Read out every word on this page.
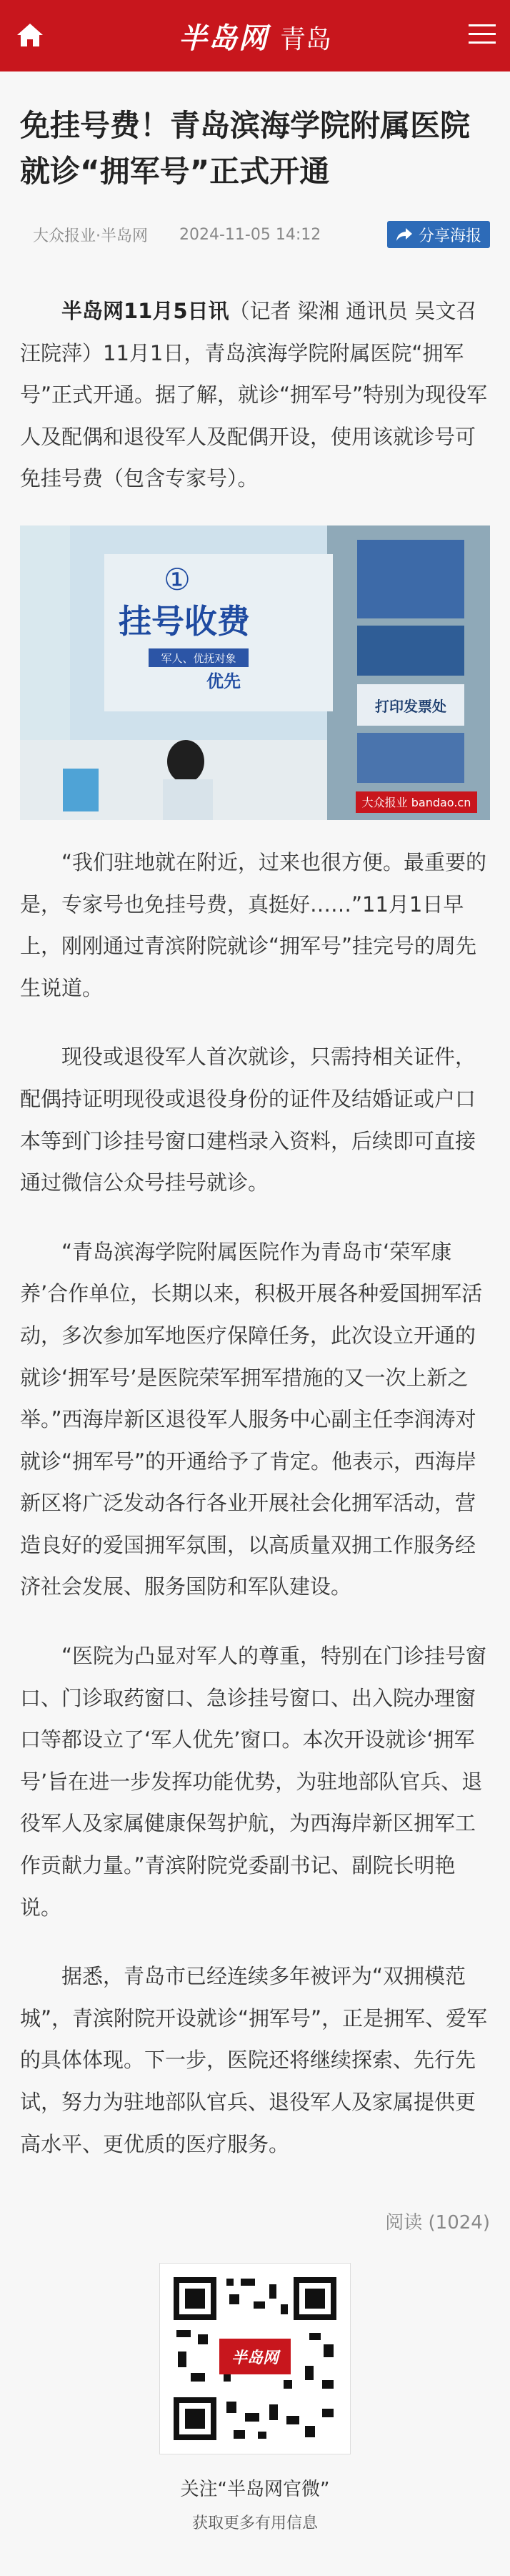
半岛网 青岛
免挂号费！青岛滨海学院附属医院就诊“拥军号”正式开通
大众报业·半岛网 2024-11-05 14:12	分享海报

半岛网11月5日讯（记者 梁湘 通讯员 吴文召 汪院萍）11月1日，青岛滨海学院附属医院“拥军号”正式开通。据了解，就诊“拥军号”特别为现役军人及配偶和退役军人及配偶开设，使用该就诊号可免挂号费（包含专家号）。

打印发票处
①
挂号收费
军人、优抚对象
优先
大众报业 bandao.cn

“我们驻地就在附近，过来也很方便。最重要的是，专家号也免挂号费，真挺好……”11月1日早上，刚刚通过青滨附院就诊“拥军号”挂完号的周先生说道。

现役或退役军人首次就诊，只需持相关证件，配偶持证明现役或退役身份的证件及结婚证或户口本等到门诊挂号窗口建档录入资料，后续即可直接通过微信公众号挂号就诊。

“青岛滨海学院附属医院作为青岛市‘荣军康养’合作单位，长期以来，积极开展各种爱国拥军活动，多次参加军地医疗保障任务，此次设立开通的就诊‘拥军号’是医院荣军拥军措施的又一次上新之举。”西海岸新区退役军人服务中心副主任李润涛对就诊“拥军号”的开通给予了肯定。他表示，西海岸新区将广泛发动各行各业开展社会化拥军活动，营造良好的爱国拥军氛围，以高质量双拥工作服务经济社会发展、服务国防和军队建设。

“医院为凸显对军人的尊重，特别在门诊挂号窗口、门诊取药窗口、急诊挂号窗口、出入院办理窗口等都设立了‘军人优先’窗口。本次开设就诊‘拥军号’旨在进一步发挥功能优势，为驻地部队官兵、退役军人及家属健康保驾护航，为西海岸新区拥军工作贡献力量。”青滨附院党委副书记、副院长明艳说。

据悉，青岛市已经连续多年被评为“双拥模范城”，青滨附院开设就诊“拥军号”，正是拥军、爱军的具体体现。下一步，医院还将继续探索、先行先试，努力为驻地部队官兵、退役军人及家属提供更高水平、更优质的医疗服务。

阅读 (1024)
半岛网
关注“半岛网官微”
获取更多有用信息
